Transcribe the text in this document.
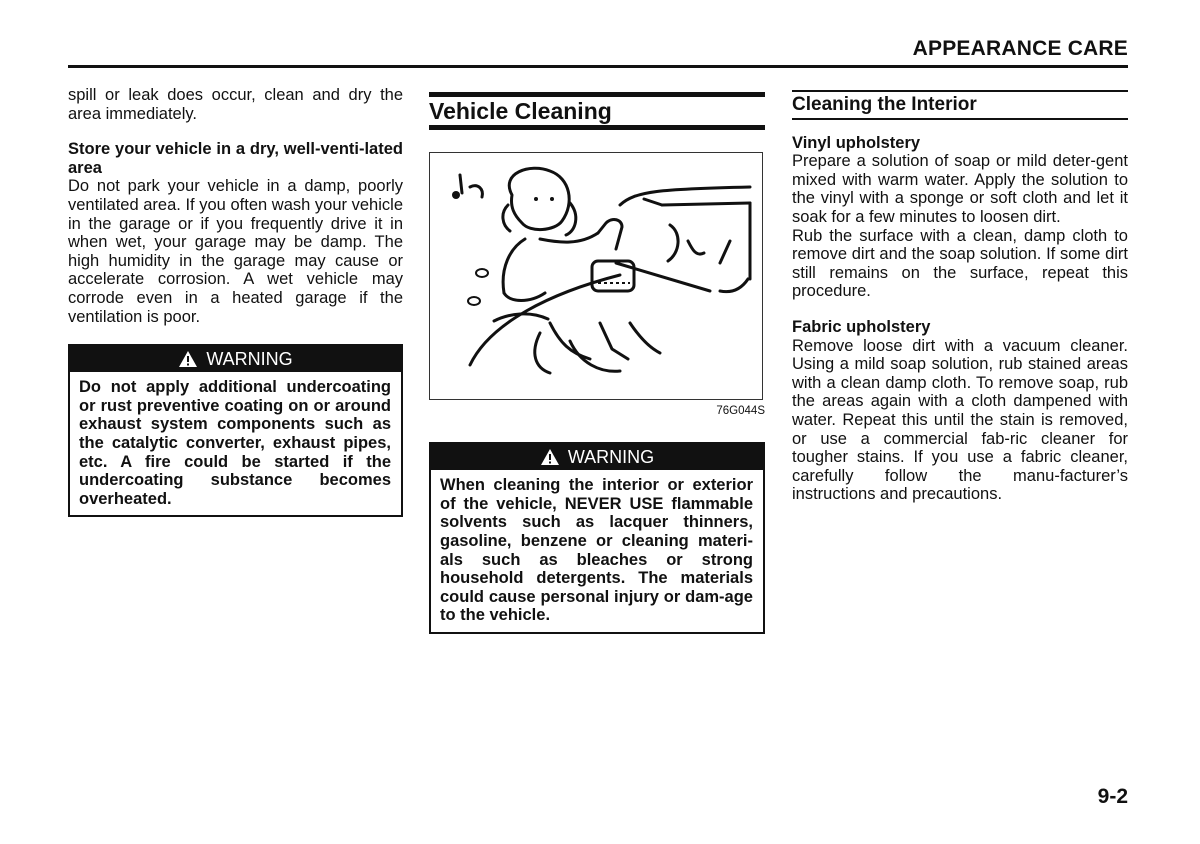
APPEARANCE CARE

spill or leak does occur, clean and dry the area immediately.

Store your vehicle in a dry, well-venti-lated area

Do not park your vehicle in a damp, poorly ventilated area. If you often wash your vehicle in the garage or if you frequently drive it in when wet, your garage may be damp. The high humidity in the garage may cause or accelerate corrosion. A wet vehicle may corrode even in a heated garage if the ventilation is poor.

WARNING
Do not apply additional undercoating or rust preventive coating on or around exhaust system components such as the catalytic converter, exhaust pipes, etc. A fire could be started if the undercoating substance becomes overheated.
Vehicle Cleaning
76G044S
WARNING
When cleaning the interior or exterior of the vehicle, NEVER USE flammable solvents such as lacquer thinners, gasoline, benzene or cleaning materi-als such as bleaches or strong household detergents. The materials could cause personal injury or dam-age to the vehicle.
Cleaning the Interior

Vinyl upholstery

Prepare a solution of soap or mild deter-gent mixed with warm water. Apply the solution to the vinyl with a sponge or soft cloth and let it soak for a few minutes to loosen dirt.

Rub the surface with a clean, damp cloth to remove dirt and the soap solution. If some dirt still remains on the surface, repeat this procedure.

Fabric upholstery

Remove loose dirt with a vacuum cleaner. Using a mild soap solution, rub stained areas with a clean damp cloth. To remove soap, rub the areas again with a cloth dampened with water. Repeat this until the stain is removed, or use a commercial fab-ric cleaner for tougher stains. If you use a fabric cleaner, carefully follow the manu-facturer’s instructions and precautions.

9-2
